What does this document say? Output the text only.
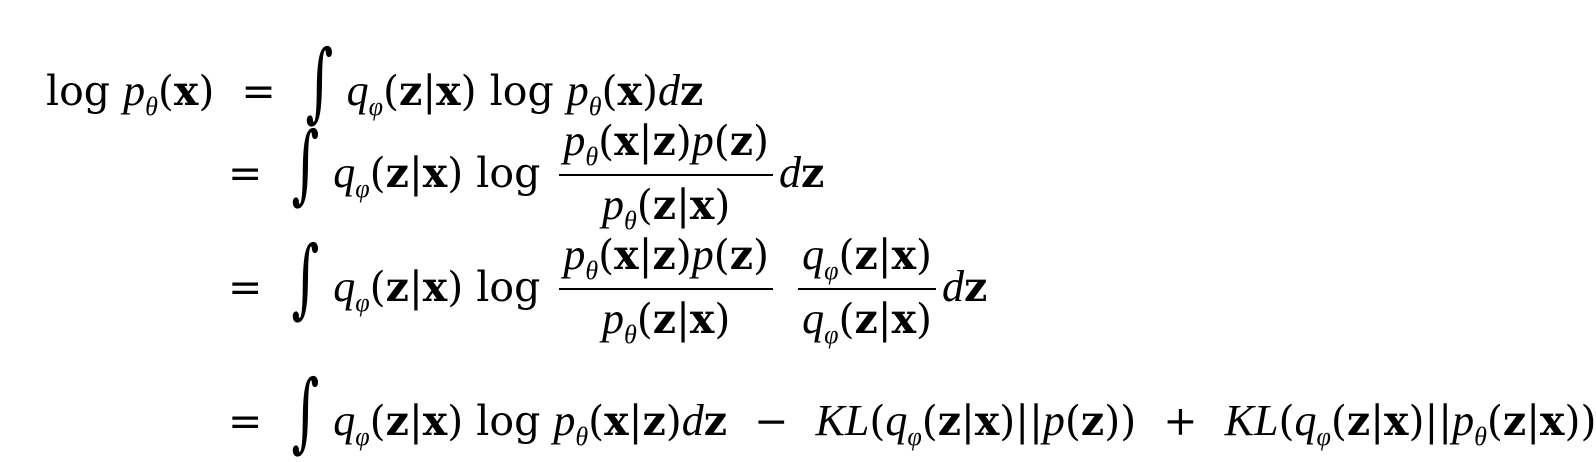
$\log p_\theta(x)$ = ∫ $q_\varphi(z|x)$ $\log p_\theta(x)dz$
= ∫ $q_\varphi(z|x)$ $\log \frac{p_\theta(x|z)p(z)}{p_\theta(z|x)}$ dz
= ∫ $q_\varphi(z|x)$ $\log \frac{p_\theta(x|z)p(z)}{p_\theta(z|x)}$
$\frac{q_\varphi(z|x)}{q_\varphi(z|x)}$ dz
= ∫ $q_\varphi(z|x)$ $\log p_\theta(x|z)dz - KL(q_\varphi(z|x)||p(z)) + KL(q_\varphi(z|x)||p_\theta(z|x))$
